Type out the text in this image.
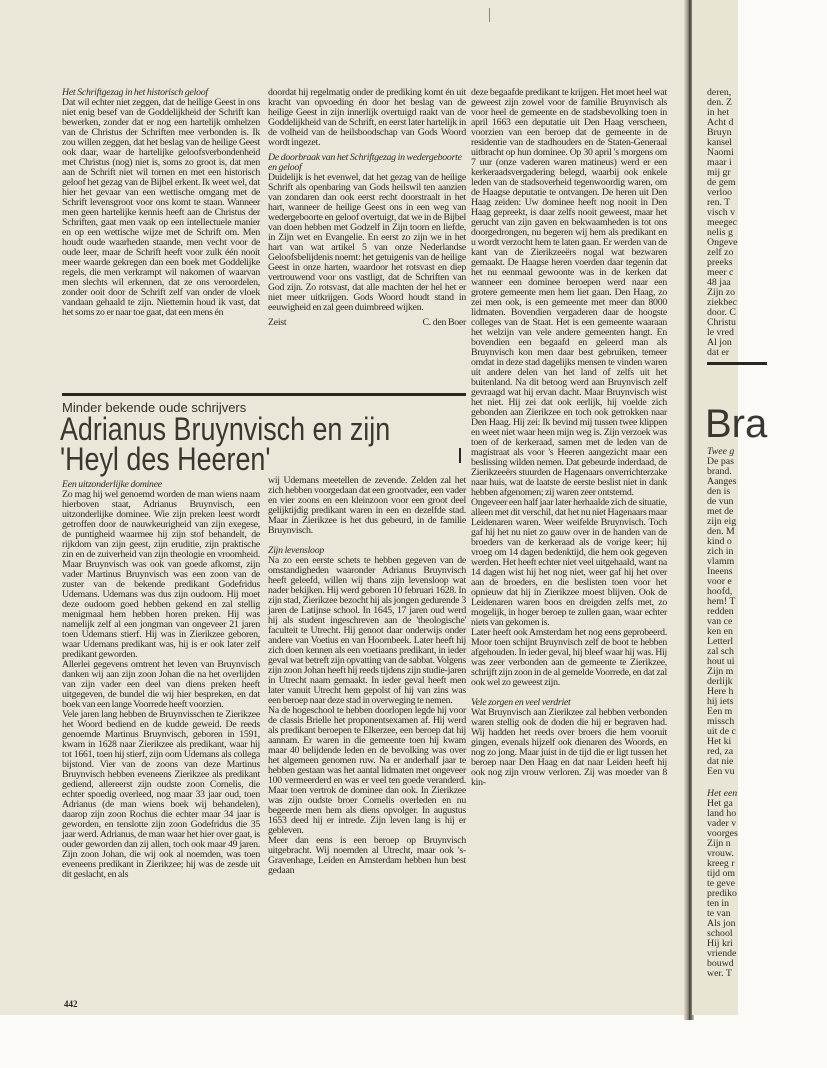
Het Schriftgezag in het historisch geloof

Dat wil echter niet zeggen, dat de heilige Geest in ons niet enig besef van de Goddelijkheid der Schrift kan bewerken, zonder dat er nog een hartelijk omhelzen van de Christus der Schriften mee verbonden is. Ik zou willen zeggen, dat het beslag van de heilige Geest ook daar, waar de hartelijke geloofsverbondenheid met Christus (nog) niet is, soms zo groot is, dat men aan de Schrift niet wil tornen en met een historisch geloof het gezag van de Bijbel erkent. Ik weet wel, dat hier het gevaar van een wettische omgang met de Schrift levensgroot voor ons komt te staan. Wanneer men geen hartelijke kennis heeft aan de Christus der Schriften, gaat men vaak op een intellectuele manier en op een wettische wijze met de Schrift om. Men houdt oude waarheden staande, men vecht voor de oude leer, maar de Schrift heeft voor zulk één nooit meer waarde gekregen dan een boek met Goddelijke regels, die men verkrampt wil nakomen of waarvan men slechts wil erkennen, dat ze ons veroordelen, zonder ooit door de Schrift zelf van onder de vloek vandaan gehaald te zijn. Niettemin houd ik vast, dat het soms zo er naar toe gaat, dat een mens én

doordat hij regelmatig onder de prediking komt én uit kracht van opvoeding én door het beslag van de heilige Geest in zijn innerlijk overtuigd raakt van de Goddelijkheid van de Schrift, en eerst later hartelijk in de volheid van de heilsboodschap van Gods Woord wordt ingezet.

De doorbraak van het Schriftgezag in wedergeboorte en geloof

Duidelijk is het evenwel, dat het gezag van de heilige Schrift als openbaring van Gods heilswil ten aanzien van zondaren dan ook eerst recht doorstraalt in het hart, wanneer de heilige Geest ons in een weg van wedergeboorte en geloof overtuigt, dat we in de Bijbel van doen hebben met Godzelf in Zijn toorn en liefde, in Zijn wet en Evangelie. En eerst zo zijn we in het hart van wat artikel 5 van onze Nederlandse Geloofsbelijdenis noemt: het getuigenis van de heilige Geest in onze harten, waardoor het rotsvast en diep vertrouwend voor ons vastligt, dat de Schriften van God zijn. Zo rotsvast, dat alle machten der hel het er niet meer uitkrijgen. Gods Woord houdt stand in eeuwigheid en zal geen duimbreed wijken.

Zeist	C. den Boer
Minder bekende oude schrijvers
Adrianus Bruynvisch en zijn
'Heyl des Heeren'

Een uitzonderlijke dominee

Zo mag hij wel genoemd worden de man wiens naam hierboven staat, Adrianus Bruynvisch, een uitzonderlijke dominee. Wie zijn preken leest wordt getroffen door de nauwkeurigheid van zijn exegese, de puntigheid waarmee hij zijn stof behandelt, de rijkdom van zijn geest, zijn eruditie, zijn praktische zin en de zuiverheid van zijn theologie en vroomheid. Maar Bruynvisch was ook van goede afkomst, zijn vader Martinus Bruynvisch was een zoon van de zuster van de bekende predikant Godefridus Udemans. Udemans was dus zijn oudoom. Hij moet deze oudoom goed hebben gekend en zal stellig menigmaal hem hebben horen preken. Hij was namelijk zelf al een jongman van ongeveer 21 jaren toen Udemans stierf. Hij was in Zierikzee geboren, waar Udemans predikant was, hij is er ook later zelf predikant geworden.

Allerlei gegevens omtrent het leven van Bruynvisch danken wij aan zijn zoon Johan die na het overlijden van zijn vader een deel van diens preken heeft uitgegeven, de bundel die wij hier bespreken, en dat boek van een lange Voorrede heeft voorzien.

Vele jaren lang hebben de Bruynvisschen te Zierikzee het Woord bediend en de kudde geweid. De reeds genoemde Martinus Bruynvisch, geboren in 1591, kwam in 1628 naar Zierikzee als predikant, waar hij tot 1661, toen hij stierf, zijn oom Udemans als collega bijstond. Vier van de zoons van deze Martinus Bruynvisch hebben eveneens Zierikzee als predikant gediend, allereerst zijn oudste zoon Cornelis, die echter spoedig overleed, nog maar 33 jaar oud, toen Adrianus (de man wiens boek wij behandelen), daarop zijn zoon Rochus die echter maar 34 jaar is geworden, en tenslotte zijn zoon Godefridus die 35 jaar werd. Adrianus, de man waar het hier over gaat, is ouder geworden dan zij allen, toch ook maar 49 jaren. Zijn zoon Johan, die wij ook al noemden, was toen eveneens predikant in Zierikzee; hij was de zesde uit dit geslacht, en als

wij Udemans meetellen de zevende. Zelden zal het zich hebben voorgedaan dat een grootvader, een vader en vier zoons en een kleinzoon voor een groot deel gelijktijdig predikant waren in een en dezelfde stad. Maar in Zierikzee is het dus gebeurd, in de familie Bruynvisch.

Zijn levensloop

Na zo een eerste schets te hebben gegeven van de omstandigheden waaronder Adrianus Bruynvisch heeft geleefd, willen wij thans zijn levensloop wat nader bekijken. Hij werd geboren 10 februari 1628. In zijn stad, Zierikzee bezocht hij als jongen gedurende 3 jaren de Latijnse school. In 1645, 17 jaren oud werd hij als student ingeschreven aan de 'theologische' faculteit te Utrecht. Hij genoot daar onderwijs onder andere van Voetius en van Hoornbeek. Later heeft hij zich doen kennen als een voetiaans predikant, in ieder geval wat betreft zijn opvatting van de sabbat. Volgens zijn zoon Johan heeft hij reeds tijdens zijn studie-jaren in Utrecht naam gemaakt. In ieder geval heeft men later vanuit Utrecht hem gepolst of hij van zins was een beroep naar deze stad in overweging te nemen.

Na de hogeschool te hebben doorlopen legde hij voor de classis Brielle het proponentsexamen af. Hij werd als predikant beroepen te Elkerzee, een beroep dat hij aannam. Er waren in die gemeente toen hij kwam maar 40 belijdende leden en de bevolking was over het algemeen genomen ruw. Na er anderhalf jaar te hebben gestaan was het aantal lidmaten met ongeveer 100 vermeerderd en was er veel ten goede veranderd. Maar toen vertrok de dominee dan ook. In Zierikzee was zijn oudste broer Cornelis overleden en nu begeerde men hem als diens opvolger. In augustus 1653 deed hij er intrede. Zijn leven lang is hij er gebleven.

Meer dan eens is een beroep op Bruynvisch uitgebracht. Wij noemden al Utrecht, maar ook 's-Gravenhage, Leiden en Amsterdam hebben hun best gedaan

deze begaafde predikant te krijgen. Het moet heel wat geweest zijn zowel voor de familie Bruynvisch als voor heel de gemeente en de stadsbevolking toen in april 1663 een deputatie uit Den Haag verscheen, voorzien van een beroep dat de gemeente in de residentie van de stadhouders en de Staten-Generaal uitbracht op hun dominee. Op 30 april 's morgens om 7 uur (onze vaderen waren matineus) werd er een kerkeraadsvergadering belegd, waarbij ook enkele leden van de stadsoverheid tegenwoordig waren, om de Haagse deputatie te ontvangen. De heren uit Den Haag zeiden: Uw dominee heeft nog nooit in Den Haag gepreekt, is daar zelfs nooit geweest, maar het gerucht van zijn gaven en bekwaamheden is tot ons doorgedrongen, nu begeren wij hem als predikant en u wordt verzocht hem te laten gaan. Er werden van de kant van de Zierikzeeërs nogal wat bezwaren gemaakt. De Haagse heren voerden daar tegenin dat het nu eenmaal gewoonte was in de kerken dat wanneer een dominee beroepen werd naar een grotere gemeente men hem liet gaan. Den Haag, zo zei men ook, is een gemeente met meer dan 8000 lidmaten. Bovendien vergaderen daar de hoogste colleges van de Staat. Het is een gemeente waaraan het welzijn van vele andere gemeenten hangt. En bovendien een begaafd en geleerd man als Bruynvisch kon men daar best gebruiken, temeer omdat in deze stad dagelijks mensen te vinden waren uit andere delen van het land of zelfs uit het buitenland. Na dit betoog werd aan Bruynvisch zelf gevraagd wat hij ervan dacht. Maar Bruynvisch wist het niet. Hij zei dat ook eerlijk, hij voelde zich gebonden aan Zierikzee en toch ook getrokken naar Den Haag. Hij zei: Ik bevind mij tussen twee klippen en weet niet waar heen mijn weg is. Zijn verzoek was toen of de kerkeraad, samen met de leden van de magistraat als voor 's Heeren aangezicht maar een beslissing wilden nemen. Dat gebeurde inderdaad, de Zierikzeeërs stuurden de Hagenaars onverrichterzake naar huis, wat de laatste de eerste beslist niet in dank hebben afgenomen; zij waren zeer ontstemd.

Ongeveer een half jaar later herhaalde zich de situatie, alleen met dit verschil, dat het nu niet Hagenaars maar Leidenaren waren. Weer weifelde Bruynvisch. Toch gaf hij het nu niet zo gauw over in de handen van de broeders van de kerkeraad als de vorige keer; hij vroeg om 14 dagen bedenktijd, die hem ook gegeven werden. Het heeft echter niet veel uitgehaald, want na 14 dagen wist hij het nog niet, weer gaf hij het over aan de broeders, en die beslisten toen voor het opnieuw dat hij in Zierikzee moest blijven. Ook de Leidenaren waren boos en dreigden zelfs met, zo mogelijk, in hoger beroep te zullen gaan, waar echter niets van gekomen is.

Later heeft ook Amsterdam het nog eens geprobeerd. Moor toen schijnt Bruynvisch zelf de boot te hebben afgehouden. In ieder geval, hij bleef waar hij was. Hij was zeer verbonden aan de gemeente te Zierikzee, schrijft zijn zoon in de al gemelde Voorrede, en dat zal ook wel zo geweest zijn.

Vele zorgen en veel verdriet

Wat Bruynvisch aan Zierikzee zal hebben verbonden waren stellig ook de doden die hij er begraven had. Wij hadden het reeds over broers die hem vooruit gingen, evenals hijzelf ook dienaren des Woords, en nog zo jong. Maar juist in de tijd die er ligt tussen het beroep naar Den Haag en dat naar Leiden heeft hij ook nog zijn vrouw verloren. Zij was moeder van 8 kin-

442
deren,
den. Z
in het
Acht d
Bruyn
kansel
Naomi
maar i
mij gr
de gem
verloo
ren. T
visch v
meegec
nelis g
Ongeve
zelf zo
preeks
meer c
48 jaa
Zijn zo
ziekbec
door. C
Christu
le vred
Al jon
dat er
Bra
Twee g
De pas
brand.
Aanges
den is
de vun
met de
zijn eig
den. M
kind o
zich in
vlamm
Ineens
voor e
hoofd,
hem! T
redden
van ce
ken en
Letterl
zal sch
hout ui
Zijn m
derlijk
Here h
hij iets
Een m
missch
uit de c
Het ki
red, za
dat nie
Een vu
Het een
Het ga
land ho
vader v
voorges
Zijn n
vrouw.
kreeg r
tijd om
te geve
prediko
ten in
te van
Als jon
school
Hij kri
vriende
bouwd
wer. T
